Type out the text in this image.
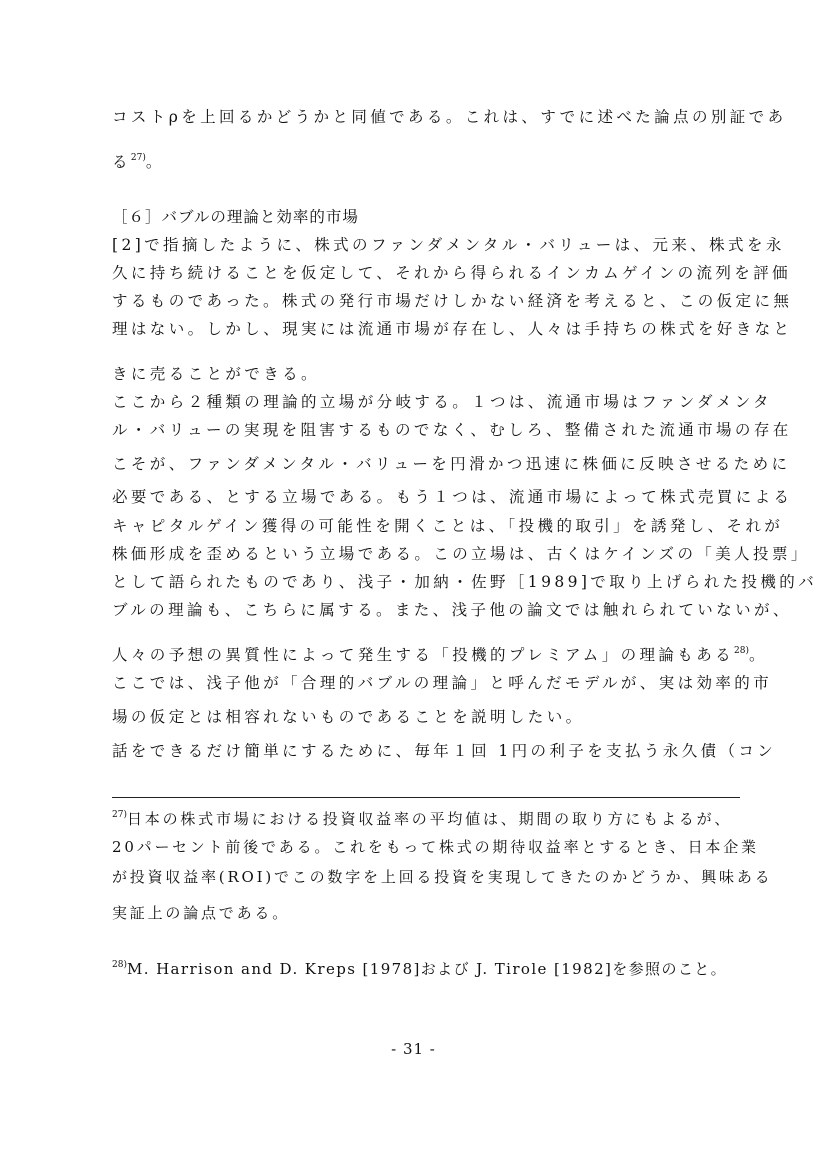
コストρを上回るかどうかと同値である。これは、すでに述べた論点の別証であ
る$^{27)}$。
［６］バブルの理論と効率的市場
[2]で指摘したように、株式のファンダメンタル・バリューは、元来、株式を永
久に持ち続けることを仮定して、それから得られるインカムゲインの流列を評価
するものであった。株式の発行市場だけしかない経済を考えると、この仮定に無
理はない。しかし、現実には流通市場が存在し、人々は手持ちの株式を好きなと
きに売ることができる。
ここから２種類の理論的立場が分岐する。１つは、流通市場はファンダメンタ
ル・バリューの実現を阻害するものでなく、むしろ、整備された流通市場の存在
こそが、ファンダメンタル・バリューを円滑かつ迅速に株価に反映させるために
必要である、とする立場である。もう１つは、流通市場によって株式売買による
キャピタルゲイン獲得の可能性を開くことは、「投機的取引」を誘発し、それが
株価形成を歪めるという立場である。この立場は、古くはケインズの「美人投票」
として語られたものであり、浅子・加納・佐野［1989]で取り上げられた投機的バ
ブルの理論も、こちらに属する。また、浅子他の論文では触れられていないが、
人々の予想の異質性によって発生する「投機的プレミアム」の理論もある$^{28)}$。
ここでは、浅子他が「合理的バブルの理論」と呼んだモデルが、実は効率的市
場の仮定とは相容れないものであることを説明したい。
話をできるだけ簡単にするために、毎年１回 1円の利子を支払う永久債（コン
$^{27)}$日本の株式市場における投資収益率の平均値は、期間の取り方にもよるが、
20パーセント前後である。これをもって株式の期待収益率とするとき、日本企業
が投資収益率(ROI)でこの数字を上回る投資を実現してきたのかどうか、興味ある
実証上の論点である。
$^{28)}$M. Harrison and D. Kreps [1978]および J. Tirole [1982]を参照のこと。
- 31 -
